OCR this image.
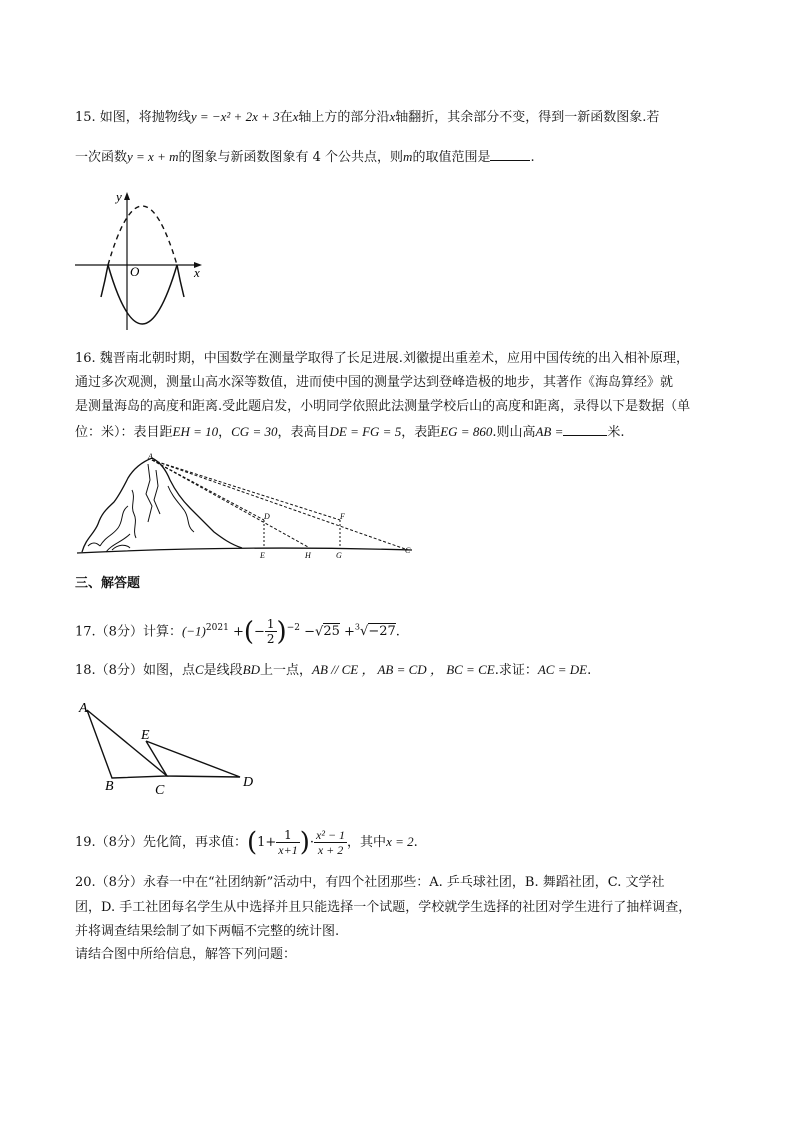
15. 如图，将抛物线y = −x² + 2x + 3在x轴上方的部分沿x轴翻折，其余部分不变，得到一新函数图象.若
一次函数y = x + m的图象与新函数图象有 4 个公共点，则m的取值范围是	.
y
O	x
16. 魏晋南北朝时期，中国数学在测量学取得了长足进展.刘徽提出重差术，应用中国传统的出入相补原理，
通过多次观测，测量山高水深等数值，进而使中国的测量学达到登峰造极的地步，其著作《海岛算经》就
是测量海岛的高度和距离.受此题启发，小明同学依照此法测量学校后山的高度和距离，录得以下是数据（单
位：米）：表目距EH = 10，CG = 30，表高目DE = FG = 5，表距EG = 860.则山高AB =	米.
A
D	F
E	H	G
C
三、解答题
17.（8分）计算：$(-1)^{2021}$ +(− $\frac{1}{2} )^{-2} -√25 +^3√-27$.
18.（8分）如图，点C是线段BD上一点，AB // CE ， AB = CD ， BC = CE.求证：AC = DE.
A
E
B	C
D
19.（8分）先化简，再求值：($1+ \frac{1}{x+1}$ )· $\frac{\text{x² − 1}}{x + 2}$ ，其中x = 2.
20.（8分）永春一中在“社团纳新”活动中，有四个社团那些：A. 乒乓球社团，B. 舞蹈社团，C. 文学社
团，D. 手工社团每名学生从中选择并且只能选择一个试题，学校就学生选择的社团对学生进行了抽样调查，
并将调查结果绘制了如下两幅不完整的统计图.
请结合图中所给信息，解答下列问题：
